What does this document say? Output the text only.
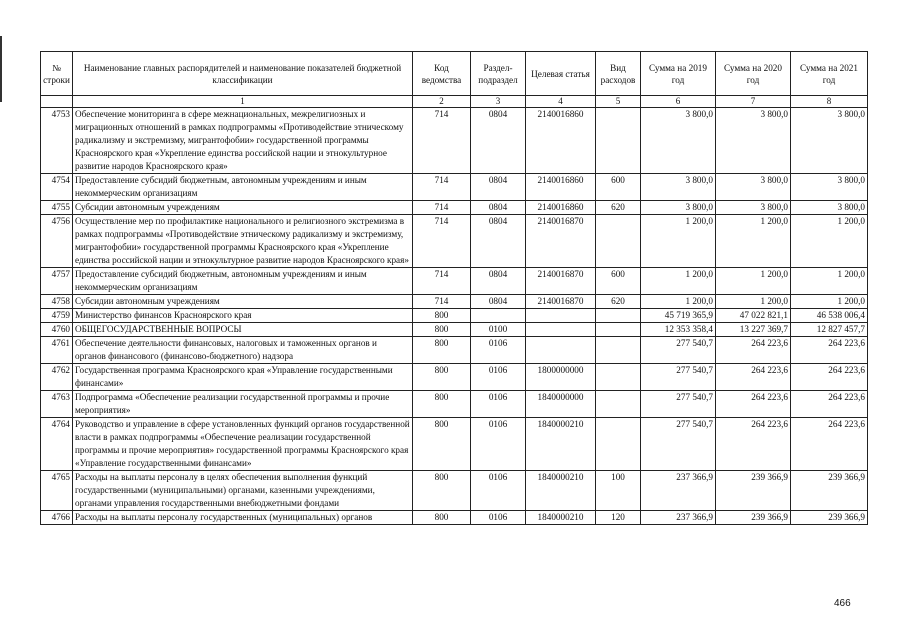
№ строки	Наименование главных распорядителей и наименование показателей бюджетной классификации	Код ведомства	Раздел-подраздел	Целевая статья	Вид расходов	Сумма на 2019 год	Сумма на 2020 год	Сумма на 2021 год
	1	2	3	4	5	6	7	8
4753	Обеспечение мониторинга в сфере межнациональных, межрелигиозных и миграционных отношений в рамках подпрограммы «Противодействие этническому радикализму и экстремизму, мигрантофобии» государственной программы Красноярского края «Укрепление единства российской нации и этнокультурное развитие народов Красноярского края»	714	0804	2140016860		3 800,0	3 800,0	3 800,0
4754	Предоставление субсидий бюджетным, автономным учреждениям и иным некоммерческим организациям	714	0804	2140016860	600	3 800,0	3 800,0	3 800,0
4755	Субсидии автономным учреждениям	714	0804	2140016860	620	3 800,0	3 800,0	3 800,0
4756	Осуществление мер по профилактике национального и религиозного экстремизма в рамках подпрограммы «Противодействие этническому радикализму и экстремизму, мигрантофобии» государственной программы Красноярского края «Укрепление единства российской нации и этнокультурное развитие народов Красноярского края»	714	0804	2140016870		1 200,0	1 200,0	1 200,0
4757	Предоставление субсидий бюджетным, автономным учреждениям и иным некоммерческим организациям	714	0804	2140016870	600	1 200,0	1 200,0	1 200,0
4758	Субсидии автономным учреждениям	714	0804	2140016870	620	1 200,0	1 200,0	1 200,0
4759	Министерство финансов Красноярского края	800				45 719 365,9	47 022 821,1	46 538 006,4
4760	ОБЩЕГОСУДАРСТВЕННЫЕ ВОПРОСЫ	800	0100			12 353 358,4	13 227 369,7	12 827 457,7
4761	Обеспечение деятельности финансовых, налоговых и таможенных органов и органов финансового (финансово-бюджетного) надзора	800	0106			277 540,7	264 223,6	264 223,6
4762	Государственная программа Красноярского края «Управление государственными финансами»	800	0106	1800000000		277 540,7	264 223,6	264 223,6
4763	Подпрограмма «Обеспечение реализации государственной программы и прочие мероприятия»	800	0106	1840000000		277 540,7	264 223,6	264 223,6
4764	Руководство и управление в сфере установленных функций органов государственной власти в рамках подпрограммы «Обеспечение реализации государственной программы и прочие мероприятия» государственной программы Красноярского края «Управление государственными финансами»	800	0106	1840000210		277 540,7	264 223,6	264 223,6
4765	Расходы на выплаты персоналу в целях обеспечения выполнения функций государственными (муниципальными) органами, казенными учреждениями, органами управления государственными внебюджетными фондами	800	0106	1840000210	100	237 366,9	239 366,9	239 366,9
4766	Расходы на выплаты персоналу государственных (муниципальных) органов	800	0106	1840000210	120	237 366,9	239 366,9	239 366,9
466
